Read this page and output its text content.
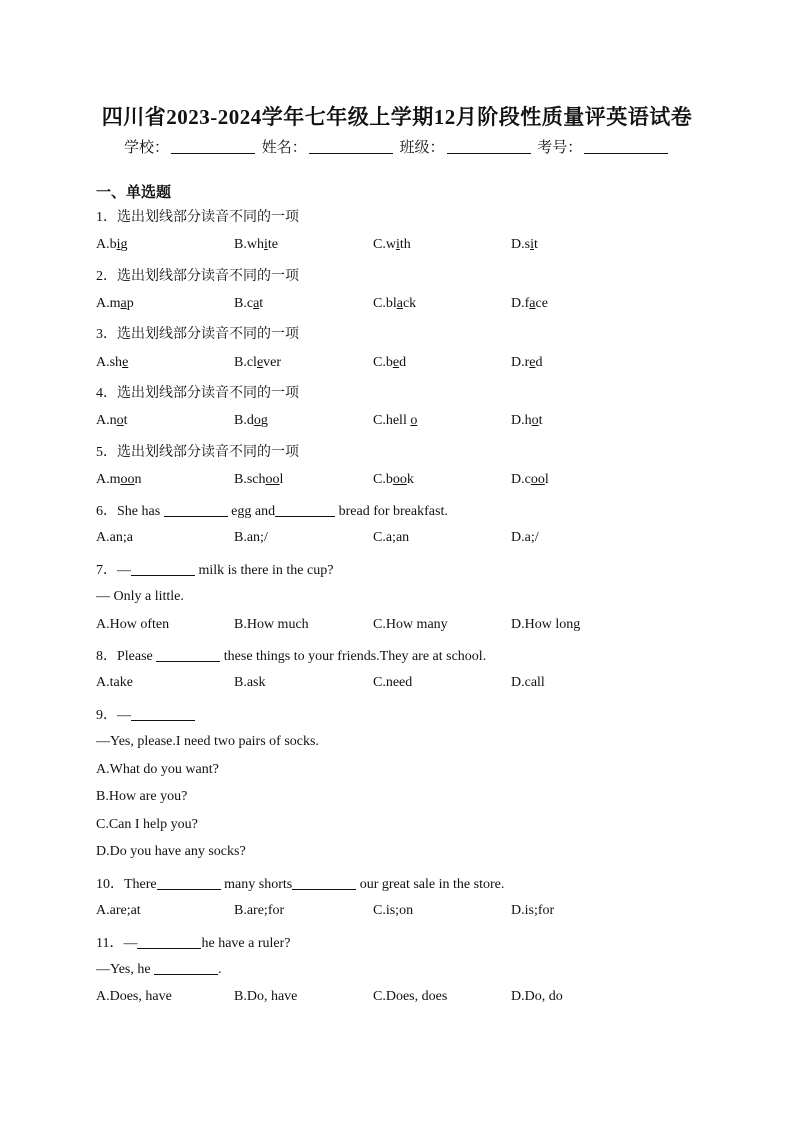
四川省2023-2024学年七年级上学期12月阶段性质量评英语试卷
学校：	姓名：	班级：	考号：
一、单选题
1．选出划线部分读音不同的一项
A.big	B.white	C.with	D.sit
2．选出划线部分读音不同的一项
A.map	B.cat	C.black	D.face
3．选出划线部分读音不同的一项
A.she	B.clever	C.bed	D.red
4．选出划线部分读音不同的一项
A.not	B.dog	C.hell o	D.hot
5．选出划线部分读音不同的一项
A.moon	B.school	C.book	D.cool
6．She has	egg and	bread for breakfast.
A.an;a	B.an;/	C.a;an	D.a;/
7．—	milk is there in the cup?
— Only a little.
A.How often	B.How much	C.How many	D.How long
8．Please	these things to your friends.They are at school.
A.take	B.ask	C.need	D.call
9．—
—Yes, please.I need two pairs of socks.
A.What do you want?
B.How are you?
C.Can I help you?
D.Do you have any socks?
10．There	many shorts	our great sale in the store.
A.are;at	B.are;for	C.is;on	D.is;for
11．—	he have a ruler?
—Yes, he	.
A.Does, have	B.Do, have	C.Does, does	D.Do, do
